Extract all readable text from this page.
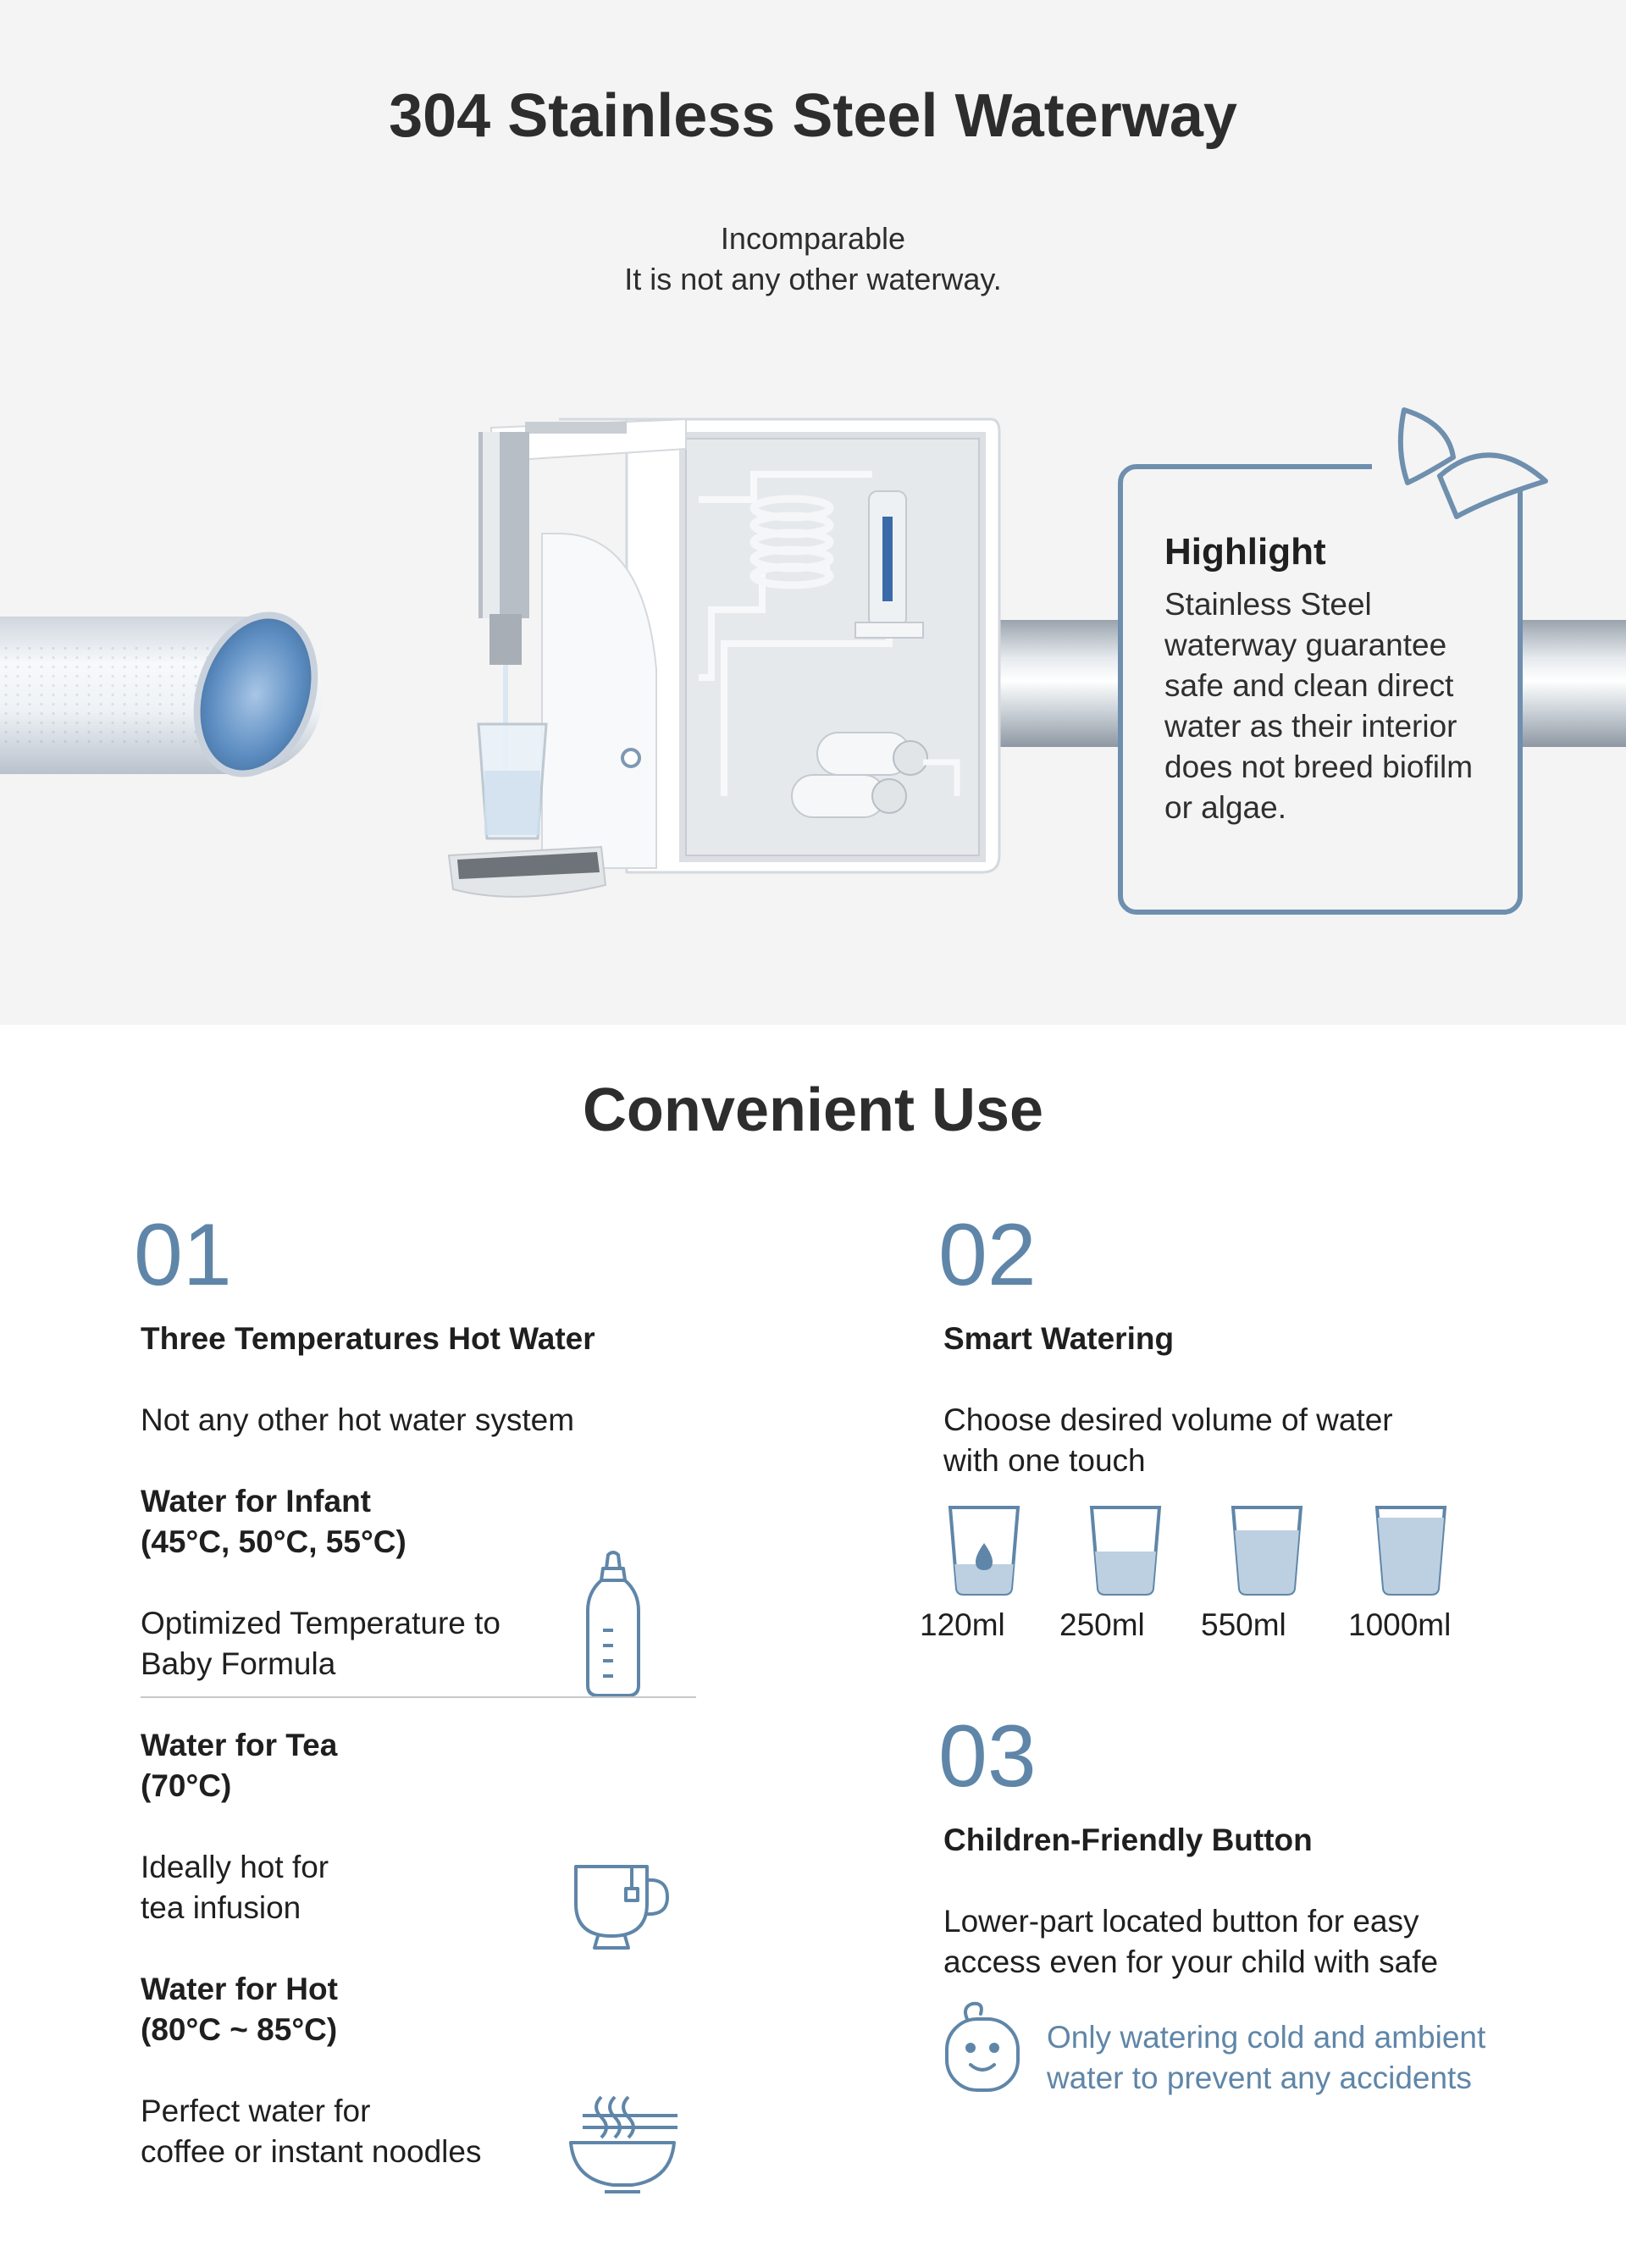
304 Stainless Steel Waterway
Incomparable
It is not any other waterway.
Highlight
Stainless Steel waterway guarantee safe and clean direct water as their interior does not breed biofilm or algae.
Convenient Use
01
Three Temperatures Hot Water
Not any other hot water system
Water for Infant
(45°C, 50°C, 55°C)
Optimized Temperature to
Baby Formula
Water for Tea
(70°C)
Ideally hot for
tea infusion
Water for Hot
(80°C ~ 85°C)
Perfect water for
coffee or instant noodles
02
Smart Watering
Choose desired volume of water
with one touch
120ml	250ml	550ml	1000ml
03
Children-Friendly Button
Lower-part located button for easy
access even for your child with safe
Only watering cold and ambient
water to prevent any accidents
